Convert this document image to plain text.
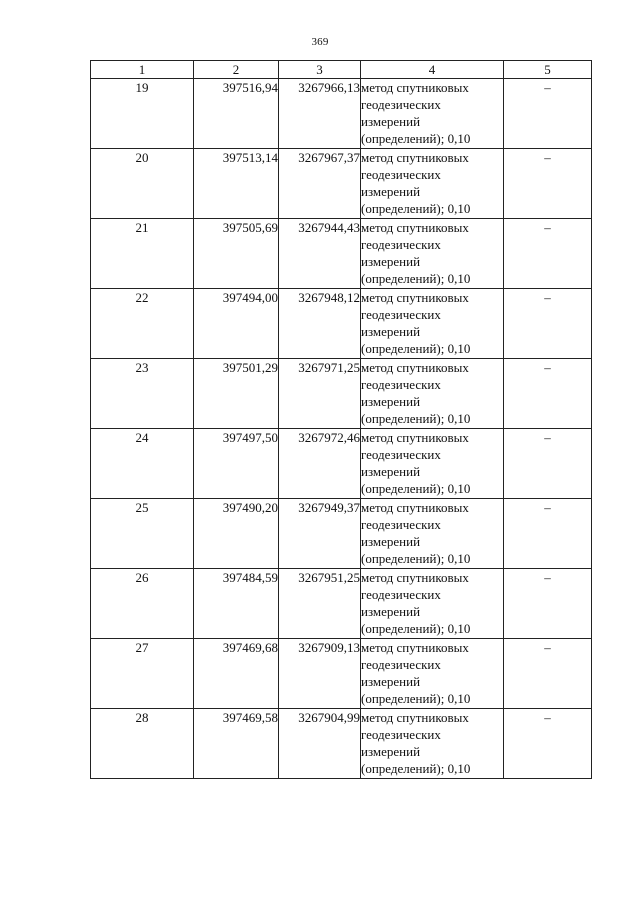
369
1	2	3	4	5
19	397516,94	3267966,13	метод спутниковых геодезических измерений (определений); 0,10	–
20	397513,14	3267967,37	метод спутниковых геодезических измерений (определений); 0,10	–
21	397505,69	3267944,43	метод спутниковых геодезических измерений (определений); 0,10	–
22	397494,00	3267948,12	метод спутниковых геодезических измерений (определений); 0,10	–
23	397501,29	3267971,25	метод спутниковых геодезических измерений (определений); 0,10	–
24	397497,50	3267972,46	метод спутниковых геодезических измерений (определений); 0,10	–
25	397490,20	3267949,37	метод спутниковых геодезических измерений (определений); 0,10	–
26	397484,59	3267951,25	метод спутниковых геодезических измерений (определений); 0,10	–
27	397469,68	3267909,13	метод спутниковых геодезических измерений (определений); 0,10	–
28	397469,58	3267904,99	метод спутниковых геодезических измерений (определений); 0,10	–
